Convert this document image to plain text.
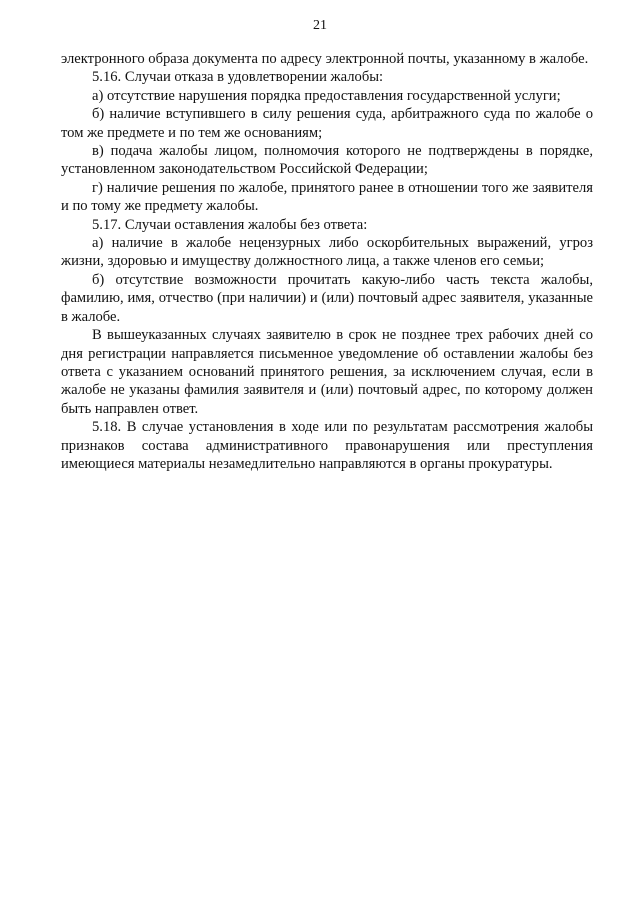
21

электронного образа документа по адресу электронной почты, указанному в жалобе.

5.16. Случаи отказа в удовлетворении жалобы:

а) отсутствие нарушения порядка предоставления государственной услуги;

б) наличие вступившего в силу решения суда, арбитражного суда по жалобе о том же предмете и по тем же основаниям;

в) подача жалобы лицом, полномочия которого не подтверждены в порядке, установленном законодательством Российской Федерации;

г) наличие решения по жалобе, принятого ранее в отношении того же заявителя и по тому же предмету жалобы.

5.17. Случаи оставления жалобы без ответа:

а) наличие в жалобе нецензурных либо оскорбительных выражений, угроз жизни, здоровью и имуществу должностного лица, а также членов его семьи;

б) отсутствие возможности прочитать какую-либо часть текста жалобы, фамилию, имя, отчество (при наличии) и (или) почтовый адрес заявителя, указанные в жалобе.

В вышеуказанных случаях заявителю в срок не позднее трех рабочих дней со дня регистрации направляется письменное уведомление об оставлении жалобы без ответа с указанием оснований принятого решения, за исключением случая, если в жалобе не указаны фамилия заявителя и (или) почтовый адрес, по которому должен быть направлен ответ.

5.18. В случае установления в ходе или по результатам рассмотрения жалобы признаков состава административного правонарушения или преступления имеющиеся материалы незамедлительно направляются в органы прокуратуры.
